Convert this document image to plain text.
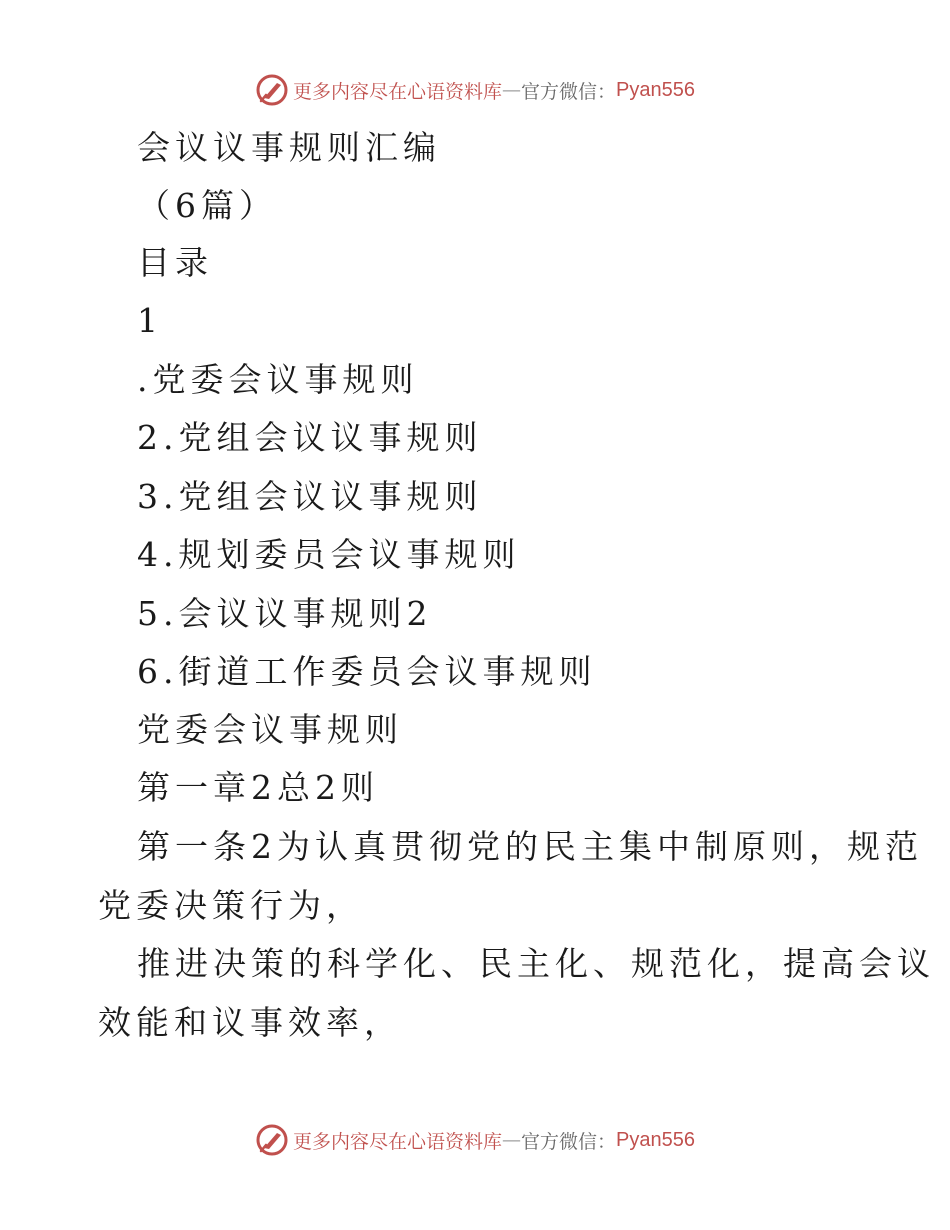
更多内容尽在心语资料库 — 官方微信： Pyan556
会议议事规则汇编
（6篇）
目录
1
.党委会议事规则
2.党组会议议事规则
3.党组会议议事规则
4.规划委员会议事规则
5.会议议事规则2
6.街道工作委员会议事规则
党委会议事规则
第一章2总2则
第一条2为认真贯彻党的民主集中制原则，规范
党委决策行为，
推进决策的科学化、民主化、规范化，提高会议
效能和议事效率，
更多内容尽在心语资料库 — 官方微信： Pyan556
